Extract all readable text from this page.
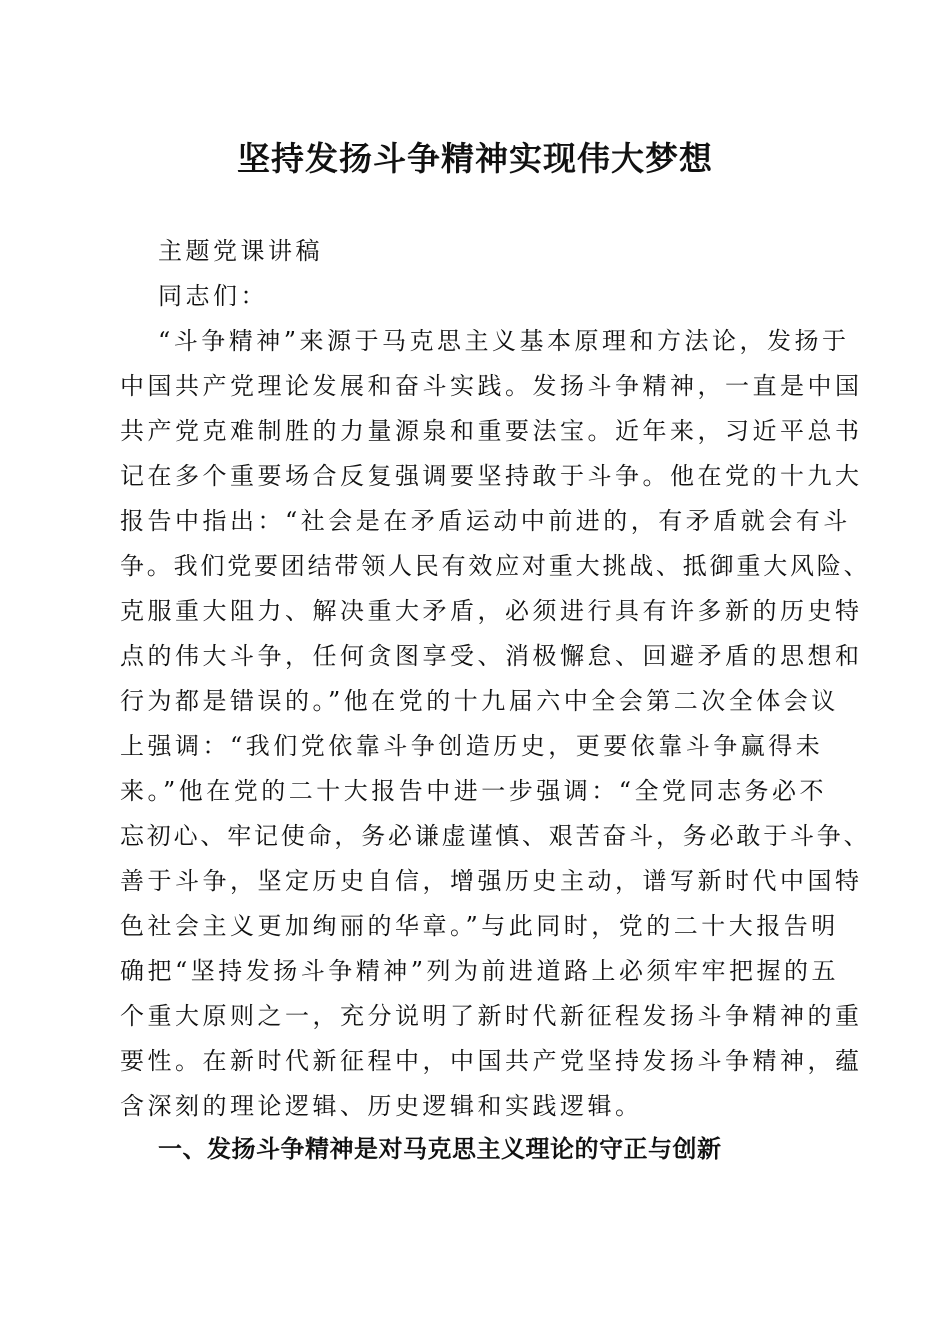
坚持发扬斗争精神实现伟大梦想

主题党课讲稿

同志们：

“斗争精神”来源于马克思主义基本原理和方法论，发扬于

中国共产党理论发展和奋斗实践。发扬斗争精神，一直是中国

共产党克难制胜的力量源泉和重要法宝。近年来，习近平总书

记在多个重要场合反复强调要坚持敢于斗争。他在党的十九大

报告中指出：“社会是在矛盾运动中前进的，有矛盾就会有斗

争。我们党要团结带领人民有效应对重大挑战、抵御重大风险、

克服重大阻力、解决重大矛盾，必须进行具有许多新的历史特

点的伟大斗争，任何贪图享受、消极懈怠、回避矛盾的思想和

行为都是错误的。”他在党的十九届六中全会第二次全体会议

上强调：“我们党依靠斗争创造历史，更要依靠斗争赢得未

来。”他在党的二十大报告中进一步强调：“全党同志务必不

忘初心、牢记使命，务必谦虚谨慎、艰苦奋斗，务必敢于斗争、

善于斗争，坚定历史自信，增强历史主动，谱写新时代中国特

色社会主义更加绚丽的华章。”与此同时，党的二十大报告明

确把“坚持发扬斗争精神”列为前进道路上必须牢牢把握的五

个重大原则之一，充分说明了新时代新征程发扬斗争精神的重

要性。在新时代新征程中，中国共产党坚持发扬斗争精神，蕴

含深刻的理论逻辑、历史逻辑和实践逻辑。

一、发扬斗争精神是对马克思主义理论的守正与创新
